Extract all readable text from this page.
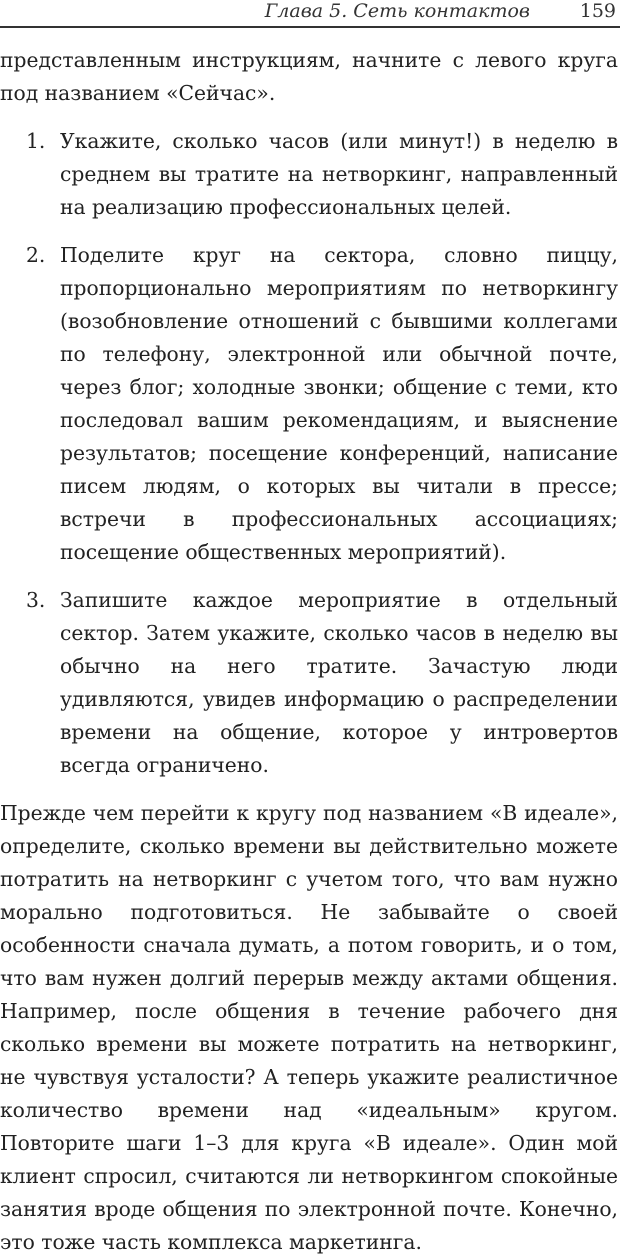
Глава 5. Сеть контактов	159

представленным инструкциям, начните с левого круга под названием «Сейчас».

1. Укажите, сколько часов (или минут!) в неделю в среднем вы тратите на нетворкинг, направленный на реализацию профессиональных целей.
2. Поделите круг на сектора, словно пиццу, пропорционально мероприятиям по нетворкингу (возобновление отношений с бывшими коллегами по телефону, электронной или обычной почте, через блог; холодные звонки; общение с теми, кто последовал вашим рекомендациям, и выяснение результатов; посещение конференций, написание писем людям, о которых вы читали в прессе; встречи в профессиональных ассоциациях; посещение общественных мероприятий).
3. Запишите каждое мероприятие в отдельный сектор. Затем укажите, сколько часов в неделю вы обычно на него тратите. Зачастую люди удивляются, увидев информацию о распределении времени на общение, которое у интровертов всегда ограничено.

Прежде чем перейти к кругу под названием «В идеале», определите, сколько времени вы действительно можете потратить на нетворкинг с учетом того, что вам нужно морально подготовиться. Не забывайте о своей особенности сначала думать, а потом говорить, и о том, что вам нужен долгий перерыв между актами общения. Например, после общения в течение рабочего дня сколько времени вы можете потратить на нетворкинг, не чувствуя усталости? А теперь укажите реалистичное количество времени над «идеальным» кругом. Повторите шаги 1–3 для круга «В идеале». Один мой клиент спросил, считаются ли нетворкингом спокойные занятия вроде общения по электронной почте. Конечно, это тоже часть комплекса маркетинга.
